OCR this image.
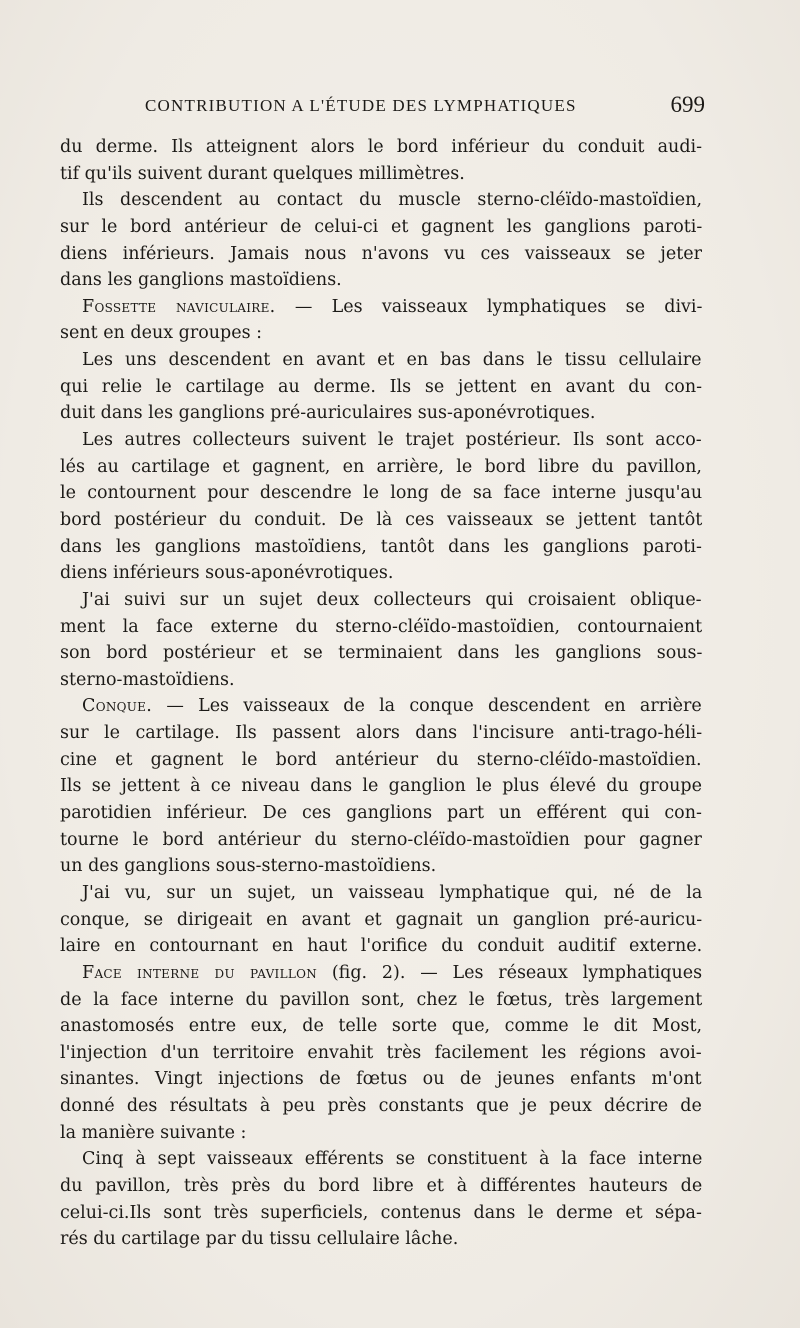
CONTRIBUTION A L'ÉTUDE DES LYMPHATIQUES	699
du derme. Ils atteignent alors le bord inférieur du conduit audi-
tif qu'ils suivent durant quelques millimètres.
Ils descendent au contact du muscle sterno-cléïdo-mastoïdien,
sur le bord antérieur de celui-ci et gagnent les ganglions paroti-
diens inférieurs. Jamais nous n'avons vu ces vaisseaux se jeter
dans les ganglions mastoïdiens.
Fossette naviculaire. — Les vaisseaux lymphatiques se divi-
sent en deux groupes :
Les uns descendent en avant et en bas dans le tissu cellulaire
qui relie le cartilage au derme. Ils se jettent en avant du con-
duit dans les ganglions pré-auriculaires sus-aponévrotiques.
Les autres collecteurs suivent le trajet postérieur. Ils sont acco-
lés au cartilage et gagnent, en arrière, le bord libre du pavillon,
le contournent pour descendre le long de sa face interne jusqu'au
bord postérieur du conduit. De là ces vaisseaux se jettent tantôt
dans les ganglions mastoïdiens, tantôt dans les ganglions paroti-
diens inférieurs sous-aponévrotiques.
J'ai suivi sur un sujet deux collecteurs qui croisaient oblique-
ment la face externe du sterno-cléïdo-mastoïdien, contournaient
son bord postérieur et se terminaient dans les ganglions sous-
sterno-mastoïdiens.
Conque. — Les vaisseaux de la conque descendent en arrière
sur le cartilage. Ils passent alors dans l'incisure anti-trago-héli-
cine et gagnent le bord antérieur du sterno-cléïdo-mastoïdien.
Ils se jettent à ce niveau dans le ganglion le plus élevé du groupe
parotidien inférieur. De ces ganglions part un efférent qui con-
tourne le bord antérieur du sterno-cléïdo-mastoïdien pour gagner
un des ganglions sous-sterno-mastoïdiens.
J'ai vu, sur un sujet, un vaisseau lymphatique qui, né de la
conque, se dirigeait en avant et gagnait un ganglion pré-auricu-
laire en contournant en haut l'orifice du conduit auditif externe.
Face interne du pavillon (fig. 2). — Les réseaux lymphatiques
de la face interne du pavillon sont, chez le fœtus, très largement
anastomosés entre eux, de telle sorte que, comme le dit Most,
l'injection d'un territoire envahit très facilement les régions avoi-
sinantes. Vingt injections de fœtus ou de jeunes enfants m'ont
donné des résultats à peu près constants que je peux décrire de
la manière suivante :
Cinq à sept vaisseaux efférents se constituent à la face interne
du pavillon, très près du bord libre et à différentes hauteurs de
celui-ci.Ils sont très superficiels, contenus dans le derme et sépa-
rés du cartilage par du tissu cellulaire lâche.
